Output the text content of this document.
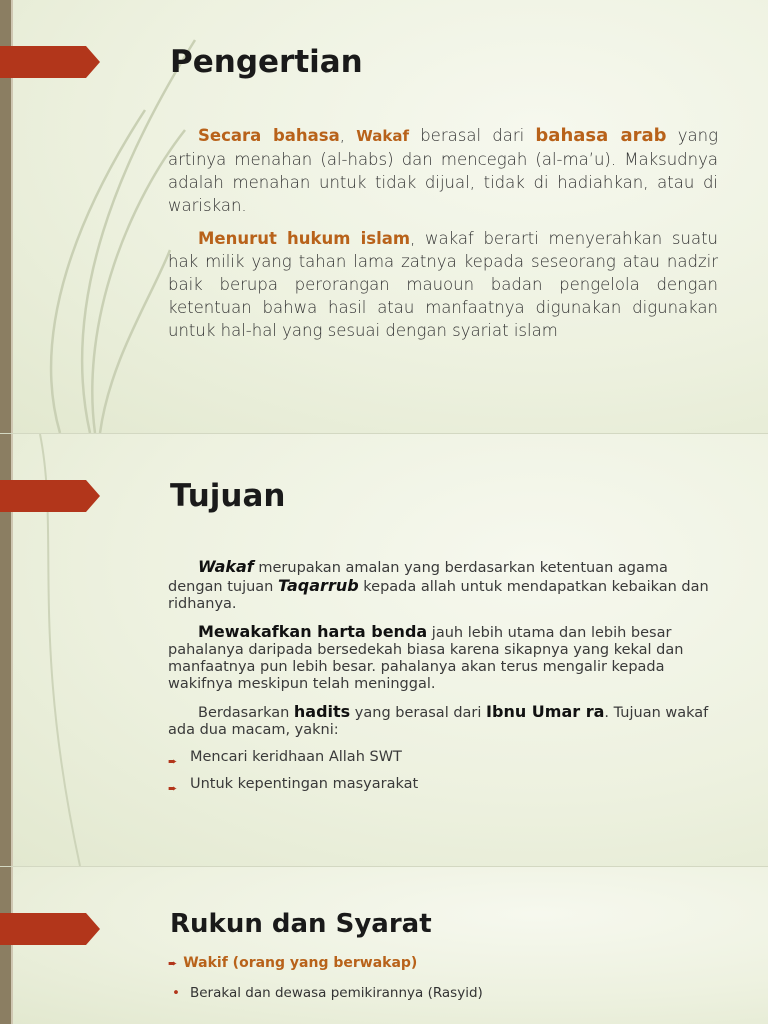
Pengertian

Secara bahasa, Wakaf berasal dari bahasa arab yang artinya menahan (al-habs) dan mencegah (al-ma’u). Maksudnya adalah menahan untuk tidak dijual, tidak di hadiahkan, atau di wariskan.

Menurut hukum islam, wakaf berarti menyerahkan suatu hak milik yang tahan lama zatnya kepada seseorang atau nadzir baik berupa perorangan mauoun badan pengelola dengan ketentuan bahwa hasil atau manfaatnya digunakan digunakan untuk hal-hal yang sesuai dengan syariat islam

Tujuan

Wakaf merupakan amalan yang berdasarkan ketentuan agama dengan tujuan Taqarrub kepada allah untuk mendapatkan kebaikan dan ridhanya.

Mewakafkan harta benda jauh lebih utama dan lebih besar pahalanya daripada bersedekah biasa karena sikapnya yang kekal dan manfaatnya pun lebih besar. pahalanya akan terus mengalir kepada wakifnya meskipun telah meninggal.

Berdasarkan hadits yang berasal dari Ibnu Umar ra. Tujuan wakaf ada dua macam, yakni:

➨ Mencari keridhaan Allah SWT
➨ Untuk kepentingan masyarakat
Rukun dan Syarat
➨ Wakif (orang yang berwakap)
• Berakal dan dewasa pemikirannya (Rasyid)
